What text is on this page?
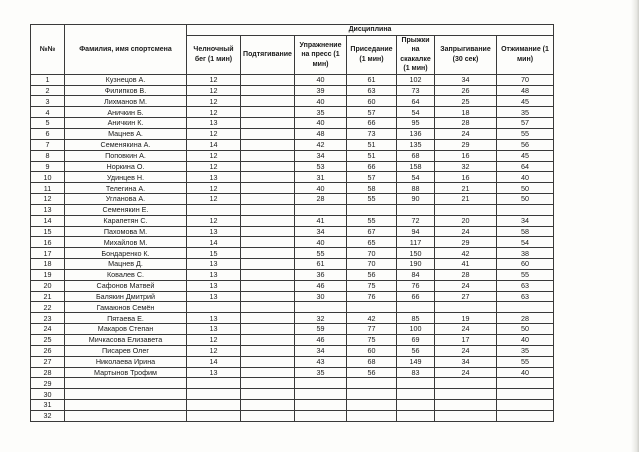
№№	Фамилия, имя спортсмена	Дисциплина						
		Челночный бег (1 мин)	Подтягивание	Упражнение на пресс (1 мин)	Приседание (1 мин)	Прыжки на скакалке (1 мин)	Запрыгивание (30 сек)	Отжимание (1 мин)
1	Кузнецов А.	12		40	61	102	34	70
2	Филипков В.	12		39	63	73	26	48
3	Лихманов М.	12		40	60	64	25	45
4	Аничкин Б.	12		35	57	54	18	35
5	Аничкин К.	13		40	66	95	28	57
6	Мацнев А.	12		48	73	136	24	55
7	Семенякина А.	14		42	51	135	29	56
8	Поповкин А.	12		34	51	68	16	45
9	Норкина О.	12		53	66	158	32	64
10	Удинцев Н.	13		31	57	54	16	40
11	Телегина А.	12		40	58	88	21	50
12	Угланова А.	12		28	55	90	21	50
13	Семенякин Е.							
14	Карапетян С.	12		41	55	72	20	34
15	Пахомова М.	13		34	67	94	24	58
16	Михайлов М.	14		40	65	117	29	54
17	Бондаренко К.	15		55	70	150	42	38
18	Мацнев Д.	13		61	70	190	41	60
19	Ковалев С.	13		36	56	84	28	55
20	Сафонов Матвей	13		46	75	76	24	63
21	Балякин Дмитрий	13		30	76	66	27	63
22	Гамаюнов Семён							
23	Пятаева Е.	13		32	42	85	19	28
24	Макаров Степан	13		59	77	100	24	50
25	Мичкасова Елизавета	12		46	75	69	17	40
26	Писарев Олег	12		34	60	56	24	35
27	Николаева Ирина	14		43	68	149	34	55
28	Мартынов Трофим	13		35	56	83	24	40
29								
30								
31								
32								
